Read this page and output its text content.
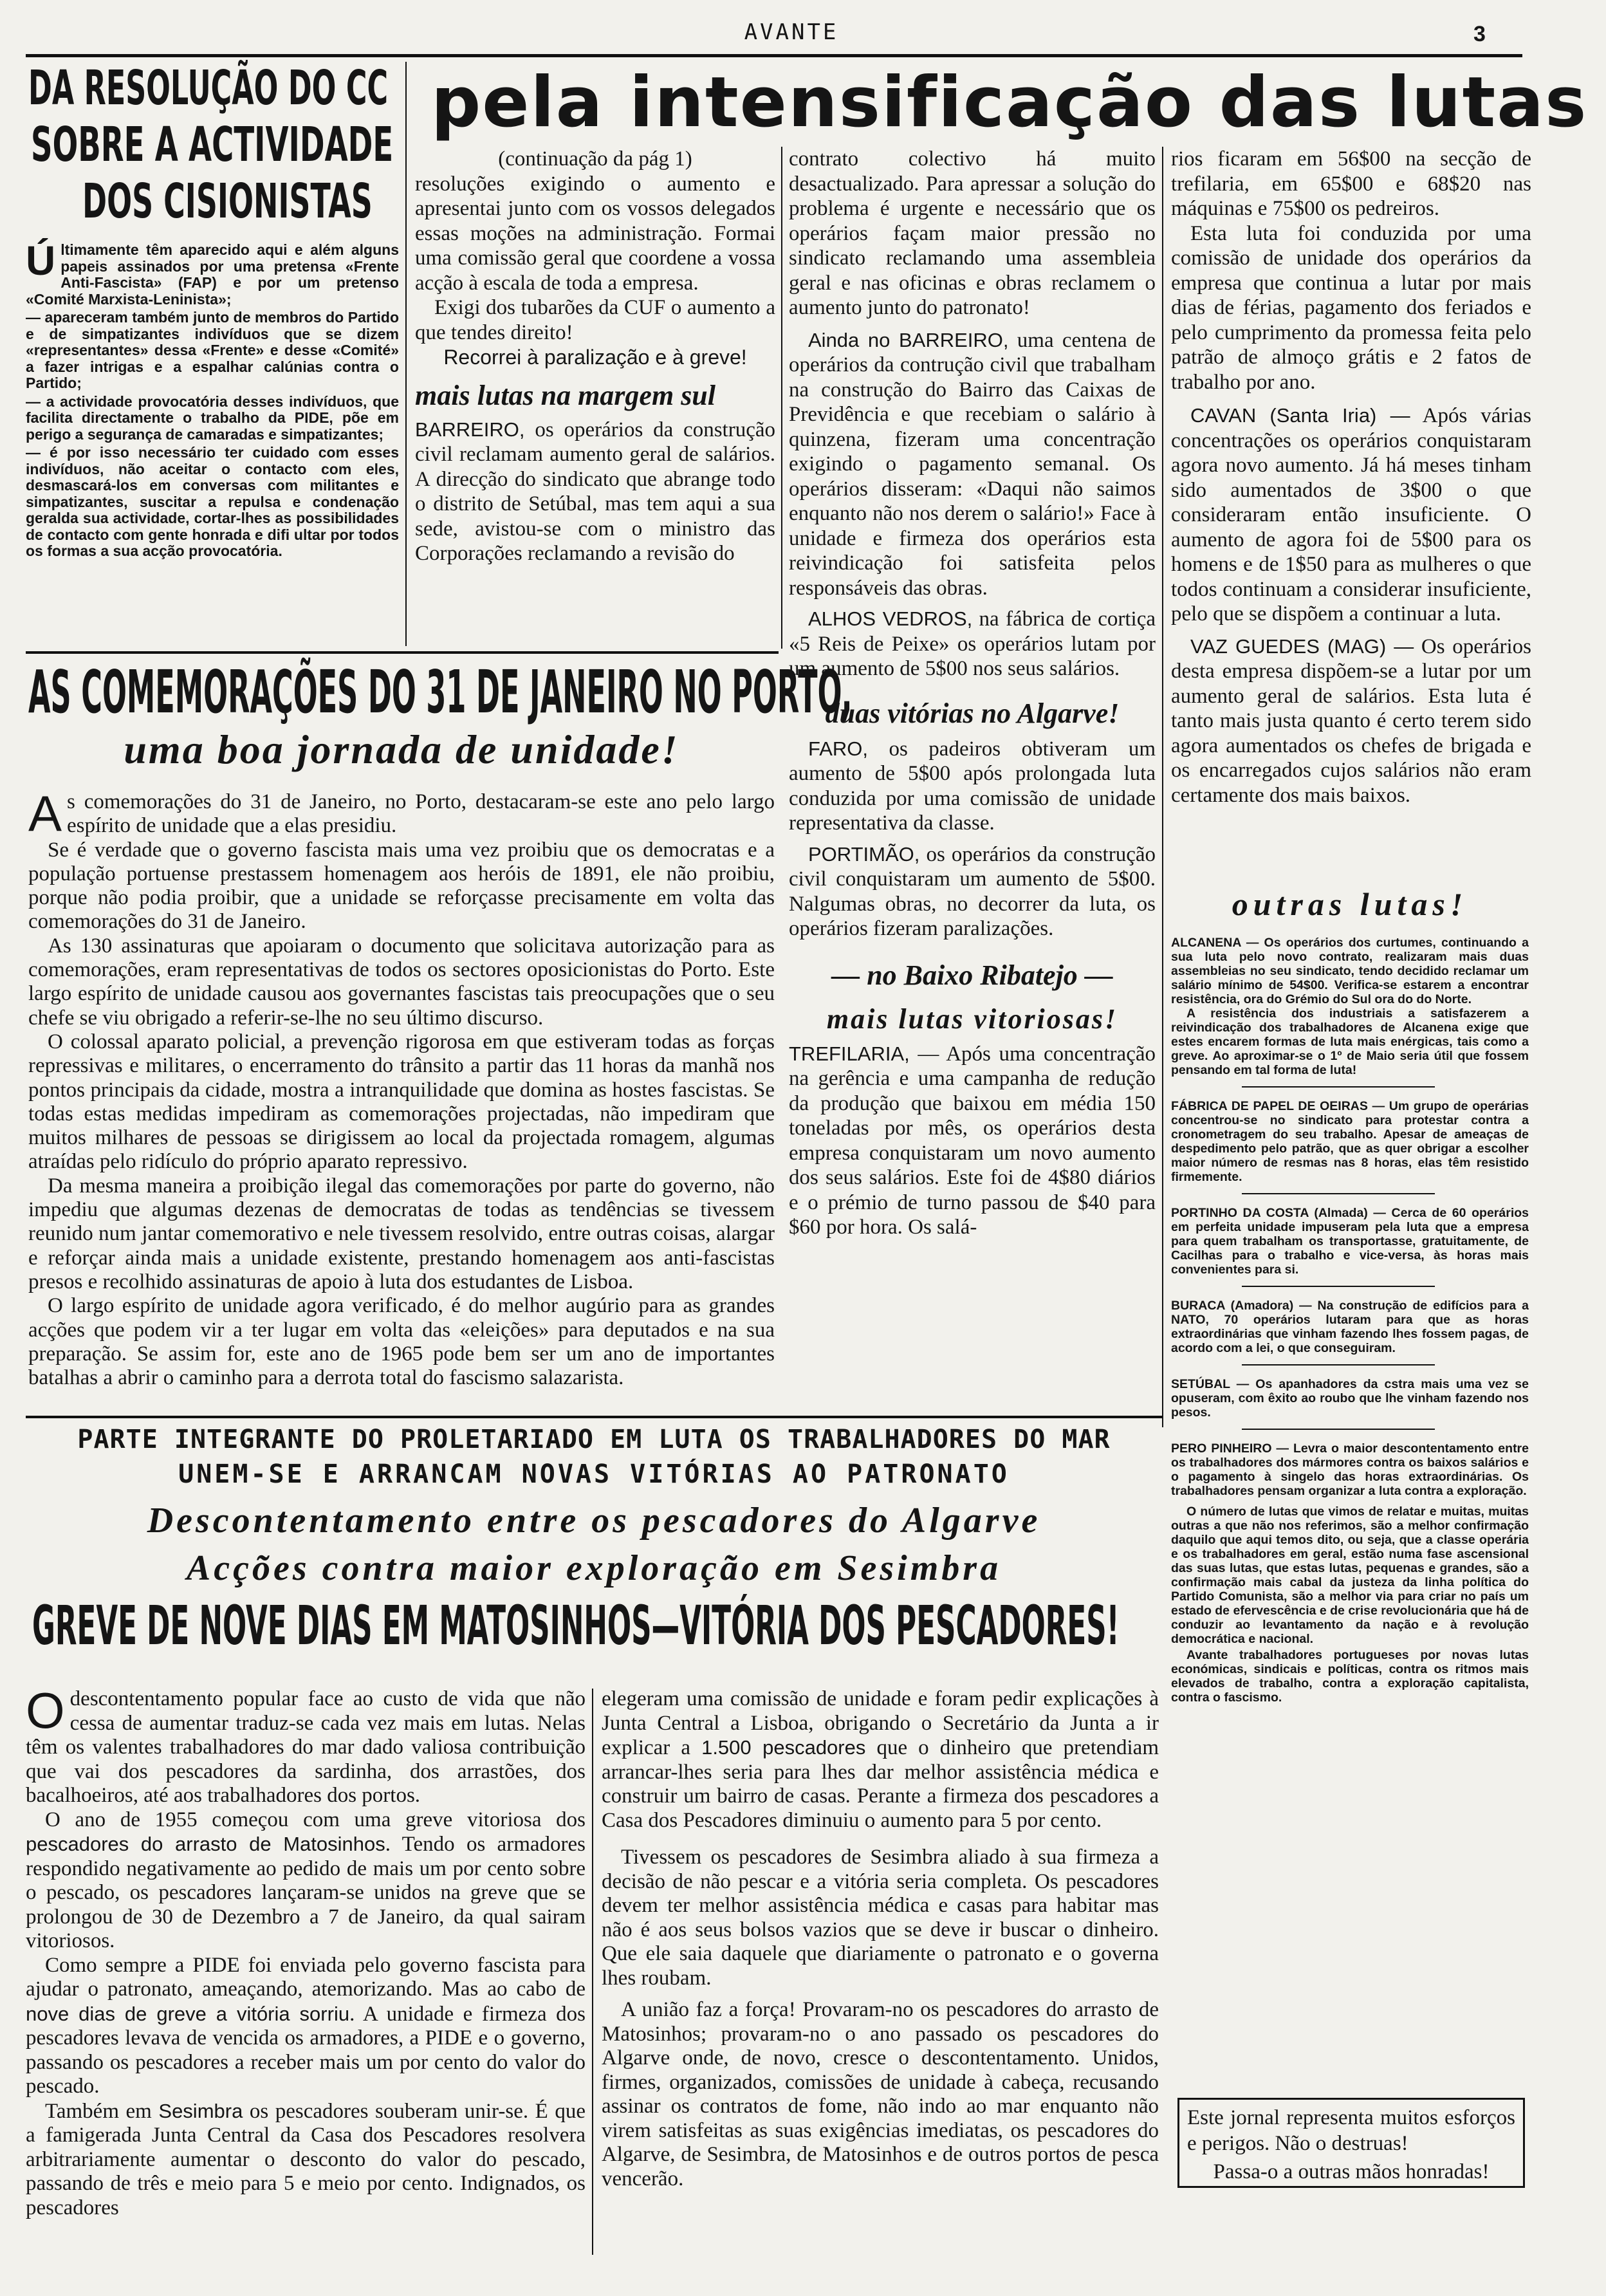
AVANTE	3
DA RESOLUÇÃO DO CC
SOBRE A ACTIVIDADE
DOS CISIONISTAS

Últimamente têm aparecido aqui e além alguns papeis assinados por uma pretensa «Frente Anti-Fascista» (FAP) e por um pretenso «Comité Marxista-Leninista»;

— apareceram também junto de membros do Partido e de simpatizantes indivíduos que se dizem «representantes» dessa «Frente» e desse «Comité» a fazer intrigas e a espalhar calúnias contra o Partido;

— a actividade provocatória desses indivíduos, que facilita directamente o trabalho da PIDE, põe em perigo a segurança de camaradas e simpatizantes;

— é por isso necessário ter cuidado com esses indivíduos, não aceitar o contacto com eles, desmascará-los em conversas com militantes e simpatizantes, suscitar a repulsa e condenação geralda sua actividade, cortar-lhes as possibilidades de contacto com gente honrada e difi ultar por todos os formas a sua acção provocatória.

pela intensificação das lutas

(continuação da pág 1)

resoluções exigindo o aumento e apresentai junto com os vossos delegados essas moções na administração. Formai uma comissão geral que coordene a vossa acção à escala de toda a empresa.

Exigi dos tubarões da CUF o aumento a que tendes direito!

Recorrei à paralização e à greve!

mais lutas na margem sul

BARREIRO, os operários da construção civil reclamam aumento geral de salários. A direcção do sindicato que abrange todo o distrito de Setúbal, mas tem aqui a sua sede, avistou-se com o ministro das Corporações reclamando a revisão do

contrato colectivo há muito desactualizado. Para apressar a solução do problema é urgente e necessário que os operários façam maior pressão no sindicato reclamando uma assembleia geral e nas oficinas e obras reclamem o aumento junto do patronato!

Ainda no BARREIRO, uma centena de operários da contrução civil que trabalham na construção do Bairro das Caixas de Previdência e que recebiam o salário à quinzena, fizeram uma concentração exigindo o pagamento semanal. Os operários disseram: «Daqui não saimos enquanto não nos derem o salário!» Face à unidade e firmeza dos operários esta reivindicação foi satisfeita pelos responsáveis das obras.

ALHOS VEDROS, na fábrica de cortiça «5 Reis de Peixe» os operários lutam por um aumento de 5$00 nos seus salários.

duas vitórias no Algarve!

FARO, os padeiros obtiveram um aumento de 5$00 após prolongada luta conduzida por uma comissão de unidade representativa da classe.

PORTIMÃO, os operários da construção civil conquistaram um aumento de 5$00. Nalgumas obras, no decorrer da luta, os operários fizeram paralizações.

— no Baixo Ribatejo —
mais lutas vitoriosas!

TREFILARIA, — Após uma concentração na gerência e uma campanha de redução da produção que baixou em média 150 toneladas por mês, os operários desta empresa conquistaram um novo aumento dos seus salários. Este foi de 4$80 diários e o prémio de turno passou de $40 para $60 por hora. Os salá-

rios ficaram em 56$00 na secção de trefilaria, em 65$00 e 68$20 nas máquinas e 75$00 os pedreiros.

Esta luta foi conduzida por uma comissão de unidade dos operários da empresa que continua a lutar por mais dias de férias, pagamento dos feriados e pelo cumprimento da promessa feita pelo patrão de almoço grátis e 2 fatos de trabalho por ano.

CAVAN (Santa Iria) — Após várias concentrações os operários conquistaram agora novo aumento. Já há meses tinham sido aumentados de 3$00 o que consideraram então insuficiente. O aumento de agora foi de 5$00 para os homens e de 1$50 para as mulheres o que todos continuam a considerar insuficiente, pelo que se dispõem a continuar a luta.

VAZ GUEDES (MAG) — Os operários desta empresa dispõem-se a lutar por um aumento geral de salários. Esta luta é tanto mais justa quanto é certo terem sido agora aumentados os chefes de brigada e os encarregados cujos salários não eram certamente dos mais baixos.

outras lutas!

ALCANENA — Os operários dos curtumes, continuando a sua luta pelo novo contrato, realizaram mais duas assembleias no seu sindicato, tendo decidido reclamar um salário mínimo de 54$00. Verifica-se estarem a encontrar resistência, ora do Grémio do Sul ora do do Norte.

A resistência dos industriais a satisfazerem a reivindicação dos trabalhadores de Alcanena exige que estes encarem formas de luta mais enérgicas, tais como a greve. Ao aproximar-se o 1º de Maio seria útil que fossem pensando em tal forma de luta!

FÁBRICA DE PAPEL DE OEIRAS — Um grupo de operárias concentrou-se no sindicato para protestar contra a cronometragem do seu trabalho. Apesar de ameaças de despedimento pelo patrão, que as quer obrigar a escolher maior número de resmas nas 8 horas, elas têm resistido firmemente.

PORTINHO DA COSTA (Almada) — Cerca de 60 operários em perfeita unidade impuseram pela luta que a empresa para quem trabalham os transportasse, gratuitamente, de Cacilhas para o trabalho e vice-versa, às horas mais convenientes para si.

BURACA (Amadora) — Na construção de edifícios para a NATO, 70 operários lutaram para que as horas extraordinárias que vinham fazendo lhes fossem pagas, de acordo com a lei, o que conseguiram.

SETÚBAL — Os apanhadores da cstra mais uma vez se opuseram, com êxito ao roubo que lhe vinham fazendo nos pesos.

PERO PINHEIRO — Levra o maior descontentamento entre os trabalhadores dos mármores contra os baixos salários e o pagamento à singelo das horas extraordinárias. Os trabalhadores pensam organizar a luta contra a exploração.

O número de lutas que vimos de relatar e muitas, muitas outras a que não nos referimos, são a melhor confirmação daquilo que aqui temos dito, ou seja, que a classe operária e os trabalhadores em geral, estão numa fase ascensional das suas lutas, que estas lutas, pequenas e grandes, são a confirmação mais cabal da justeza da linha política do Partido Comunista, são a melhor via para criar no país um estado de efervescência e de crise revolucionária que há de conduzir ao levantamento da nação e à revolução democrática e nacional.

Avante trabalhadores portugueses por novas lutas económicas, sindicais e políticas, contra os ritmos mais elevados de trabalho, contra a exploração capitalista, contra o fascismo.

AS COMEMORAÇÕES DO 31 DE JANEIRO NO PORTO,
uma boa jornada de unidade!

As comemorações do 31 de Janeiro, no Porto, destacaram-se este ano pelo largo espírito de unidade que a elas presidiu.

Se é verdade que o governo fascista mais uma vez proibiu que os democratas e a população portuense prestassem homenagem aos heróis de 1891, ele não proibiu, porque não podia proibir, que a unidade se reforçasse precisamente em volta das comemorações do 31 de Janeiro.

As 130 assinaturas que apoiaram o documento que solicitava autorização para as comemorações, eram representativas de todos os sectores oposicionistas do Porto. Este largo espírito de unidade causou aos governantes fascistas tais preocupações que o seu chefe se viu obrigado a referir-se-lhe no seu último discurso.

O colossal aparato policial, a prevenção rigorosa em que estiveram todas as forças repressivas e militares, o encerramento do trânsito a partir das 11 horas da manhã nos pontos principais da cidade, mostra a intranquilidade que domina as hostes fascistas. Se todas estas medidas impediram as comemorações projectadas, não impediram que muitos milhares de pessoas se dirigissem ao local da projectada romagem, algumas atraídas pelo ridículo do próprio aparato repressivo.

Da mesma maneira a proibição ilegal das comemorações por parte do governo, não impediu que algumas dezenas de democratas de todas as tendências se tivessem reunido num jantar comemorativo e nele tivessem resolvido, entre outras coisas, alargar e reforçar ainda mais a unidade existente, prestando homenagem aos anti-fascistas presos e recolhido assinaturas de apoio à luta dos estudantes de Lisboa.

O largo espírito de unidade agora verificado, é do melhor augúrio para as grandes acções que podem vir a ter lugar em volta das «eleições» para deputados e na sua preparação. Se assim for, este ano de 1965 pode bem ser um ano de importantes batalhas a abrir o caminho para a derrota total do fascismo salazarista.

PARTE INTEGRANTE DO PROLETARIADO EM LUTA OS TRABALHADORES DO MAR
UNEM-SE E ARRANCAM NOVAS VITÓRIAS AO PATRONATO
Descontentamento entre os pescadores do Algarve
Acções contra maior exploração em Sesimbra
GREVE DE NOVE DIAS EM MATOSINHOS—VITÓRIA DOS PESCADORES!

O descontentamento popular face ao custo de vida que não cessa de aumentar traduz-se cada vez mais em lutas. Nelas têm os valentes trabalhadores do mar dado valiosa contribuição que vai dos pescadores da sardinha, dos arrastões, dos bacalhoeiros, até aos trabalhadores dos portos.

O ano de 1955 começou com uma greve vitoriosa dos pescadores do arrasto de Matosinhos. Tendo os armadores respondido negativamente ao pedido de mais um por cento sobre o pescado, os pescadores lançaram-se unidos na greve que se prolongou de 30 de Dezembro a 7 de Janeiro, da qual sairam vitoriosos.

Como sempre a PIDE foi enviada pelo governo fascista para ajudar o patronato, ameaçando, atemorizando. Mas ao cabo de nove dias de greve a vitória sorriu. A unidade e firmeza dos pescadores levava de vencida os armadores, a PIDE e o governo, passando os pescadores a receber mais um por cento do valor do pescado.

Também em Sesimbra os pescadores souberam unir-se. É que a famigerada Junta Central da Casa dos Pescadores resolvera arbitrariamente aumentar o desconto do valor do pescado, passando de três e meio para 5 e meio por cento. Indignados, os pescadores

elegeram uma comissão de unidade e foram pedir explicações à Junta Central a Lisboa, obrigando o Secretário da Junta a ir explicar a 1.500 pescadores que o dinheiro que pretendiam arrancar-lhes seria para lhes dar melhor assistência médica e construir um bairro de casas. Perante a firmeza dos pescadores a Casa dos Pescadores diminuiu o aumento para 5 por cento.

Tivessem os pescadores de Sesimbra aliado à sua firmeza a decisão de não pescar e a vitória seria completa. Os pescadores devem ter melhor assistência médica e casas para habitar mas não é aos seus bolsos vazios que se deve ir buscar o dinheiro. Que ele saia daquele que diariamente o patronato e o governa lhes roubam.

A união faz a força! Provaram-no os pescadores do arrasto de Matosinhos; provaram-no o ano passado os pescadores do Algarve onde, de novo, cresce o descontentamento. Unidos, firmes, organizados, comissões de unidade à cabeça, recusando assinar os contratos de fome, não indo ao mar enquanto não virem satisfeitas as suas exigências imediatas, os pescadores do Algarve, de Sesimbra, de Matosinhos e de outros portos de pesca vencerão.

Este jornal representa muitos esforços e perigos. Não o destruas!
Passa-o a outras mãos honradas!
